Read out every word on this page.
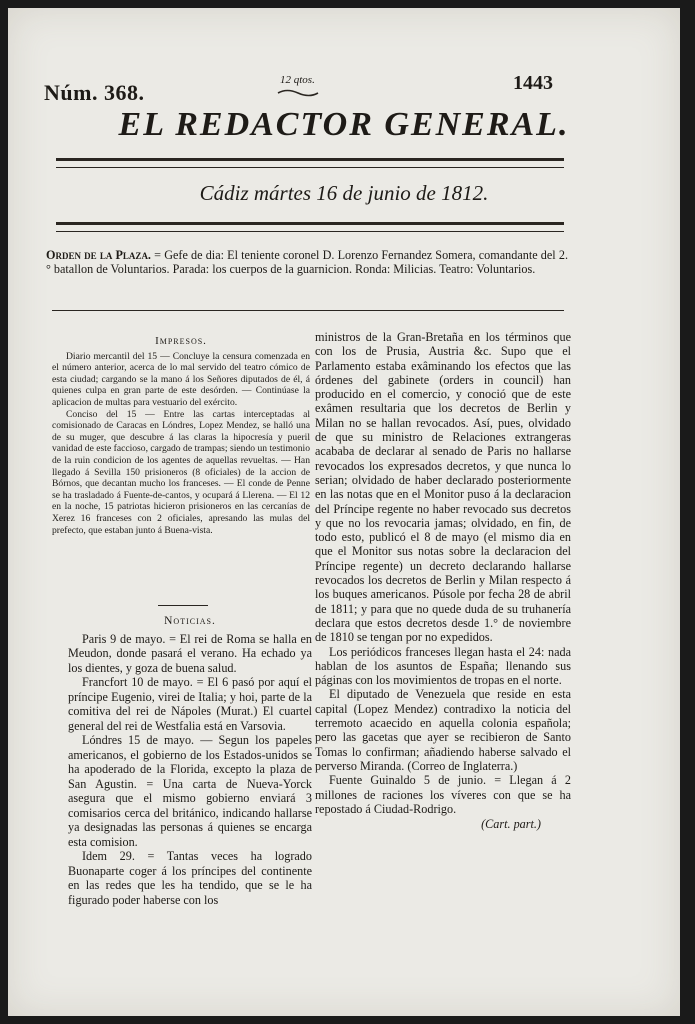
Núm. 368.	12 qtos.	1443
EL REDACTOR GENERAL.
Cádiz mártes 16 de junio de 1812.
Orden de la Plaza. = Gefe de dia: El teniente coronel D. Lorenzo Fernandez Somera, comandante del 2.° batallon de Voluntarios. Parada: los cuerpos de la guarnicion. Ronda: Milicias. Teatro: Voluntarios.
Impresos.

Diario mercantil del 15 — Concluye la censura comenzada en el número anterior, acerca de lo mal servido del teatro cómico de esta ciudad; cargando se la mano á los Señores diputados de él, á quienes culpa en gran parte de este desórden. — Continúase la aplicacion de multas para vestuario del exército.

Conciso del 15 — Entre las cartas interceptadas al comisionado de Caracas en Lóndres, Lopez Mendez, se halló una de su muger, que descubre á las claras la hipocresía y pueril vanidad de este faccioso, cargado de trampas; siendo un testimonio de la ruin condicion de los agentes de aquellas revueltas. — Han llegado á Sevilla 150 prisioneros (8 oficiales) de la accion de Bórnos, que decantan mucho los franceses. — El conde de Penne se ha trasladado á Fuente-de-cantos, y ocupará á Llerena. — El 12 en la noche, 15 patriotas hicieron prisioneros en las cercanías de Xerez 16 franceses con 2 oficiales, apresando las mulas del prefecto, que estaban junto á Buena-vista.

Noticias.

Paris 9 de mayo. = El rei de Roma se halla en Meudon, donde pasará el verano. Ha echado ya los dientes, y goza de buena salud.

Francfort 10 de mayo. = El 6 pasó por aquí el príncipe Eugenio, virei de Italia; y hoi, parte de la comitiva del rei de Nápoles (Murat.) El cuartel general del rei de Westfalia está en Varsovia.

Lóndres 15 de mayo. — Segun los papeles americanos, el gobierno de los Estados-unidos se ha apoderado de la Florida, excepto la plaza de San Agustin. = Una carta de Nueva-Yorck asegura que el mismo gobierno enviará 3 comisarios cerca del británico, indicando hallarse ya designadas las personas á quienes se encarga esta comision.

Idem 29. = Tantas veces ha logrado Buonaparte coger á los príncipes del continente en las redes que les ha tendido, que se le ha figurado poder haberse con los

ministros de la Gran-Bretaña en los términos que con los de Prusia, Austria &c. Supo que el Parlamento estaba exâminando los efectos que las órdenes del gabinete (orders in council) han producido en el comercio, y conoció que de este exâmen resultaria que los decretos de Berlin y Milan no se hallan revocados. Así, pues, olvidado de que su ministro de Relaciones extrangeras acababa de declarar al senado de Paris no hallarse revocados los expresados decretos, y que nunca lo serian; olvidado de haber declarado posteriormente en las notas que en el Monitor puso á la declaracion del Príncipe regente no haber revocado sus decretos y que no los revocaria jamas; olvidado, en fin, de todo esto, publicó el 8 de mayo (el mismo dia en que el Monitor sus notas sobre la declaracion del Príncipe regente) un decreto declarando hallarse revocados los decretos de Berlin y Milan respecto á los buques americanos. Púsole por fecha 28 de abril de 1811; y para que no quede duda de su truhanería declara que estos decretos desde 1.° de noviembre de 1810 se tengan por no expedidos.

Los periódicos franceses llegan hasta el 24: nada hablan de los asuntos de España; llenando sus páginas con los movimientos de tropas en el norte.

El diputado de Venezuela que reside en esta capital (Lopez Mendez) contradixo la noticia del terremoto acaecido en aquella colonia española; pero las gacetas que ayer se recibieron de Santo Tomas lo confirman; añadiendo haberse salvado el perverso Miranda. (Correo de Inglaterra.)

Fuente Guinaldo 5 de junio. = Llegan á 2 millones de raciones los víveres con que se ha repostado á Ciudad-Rodrigo.

(Cart. part.)
